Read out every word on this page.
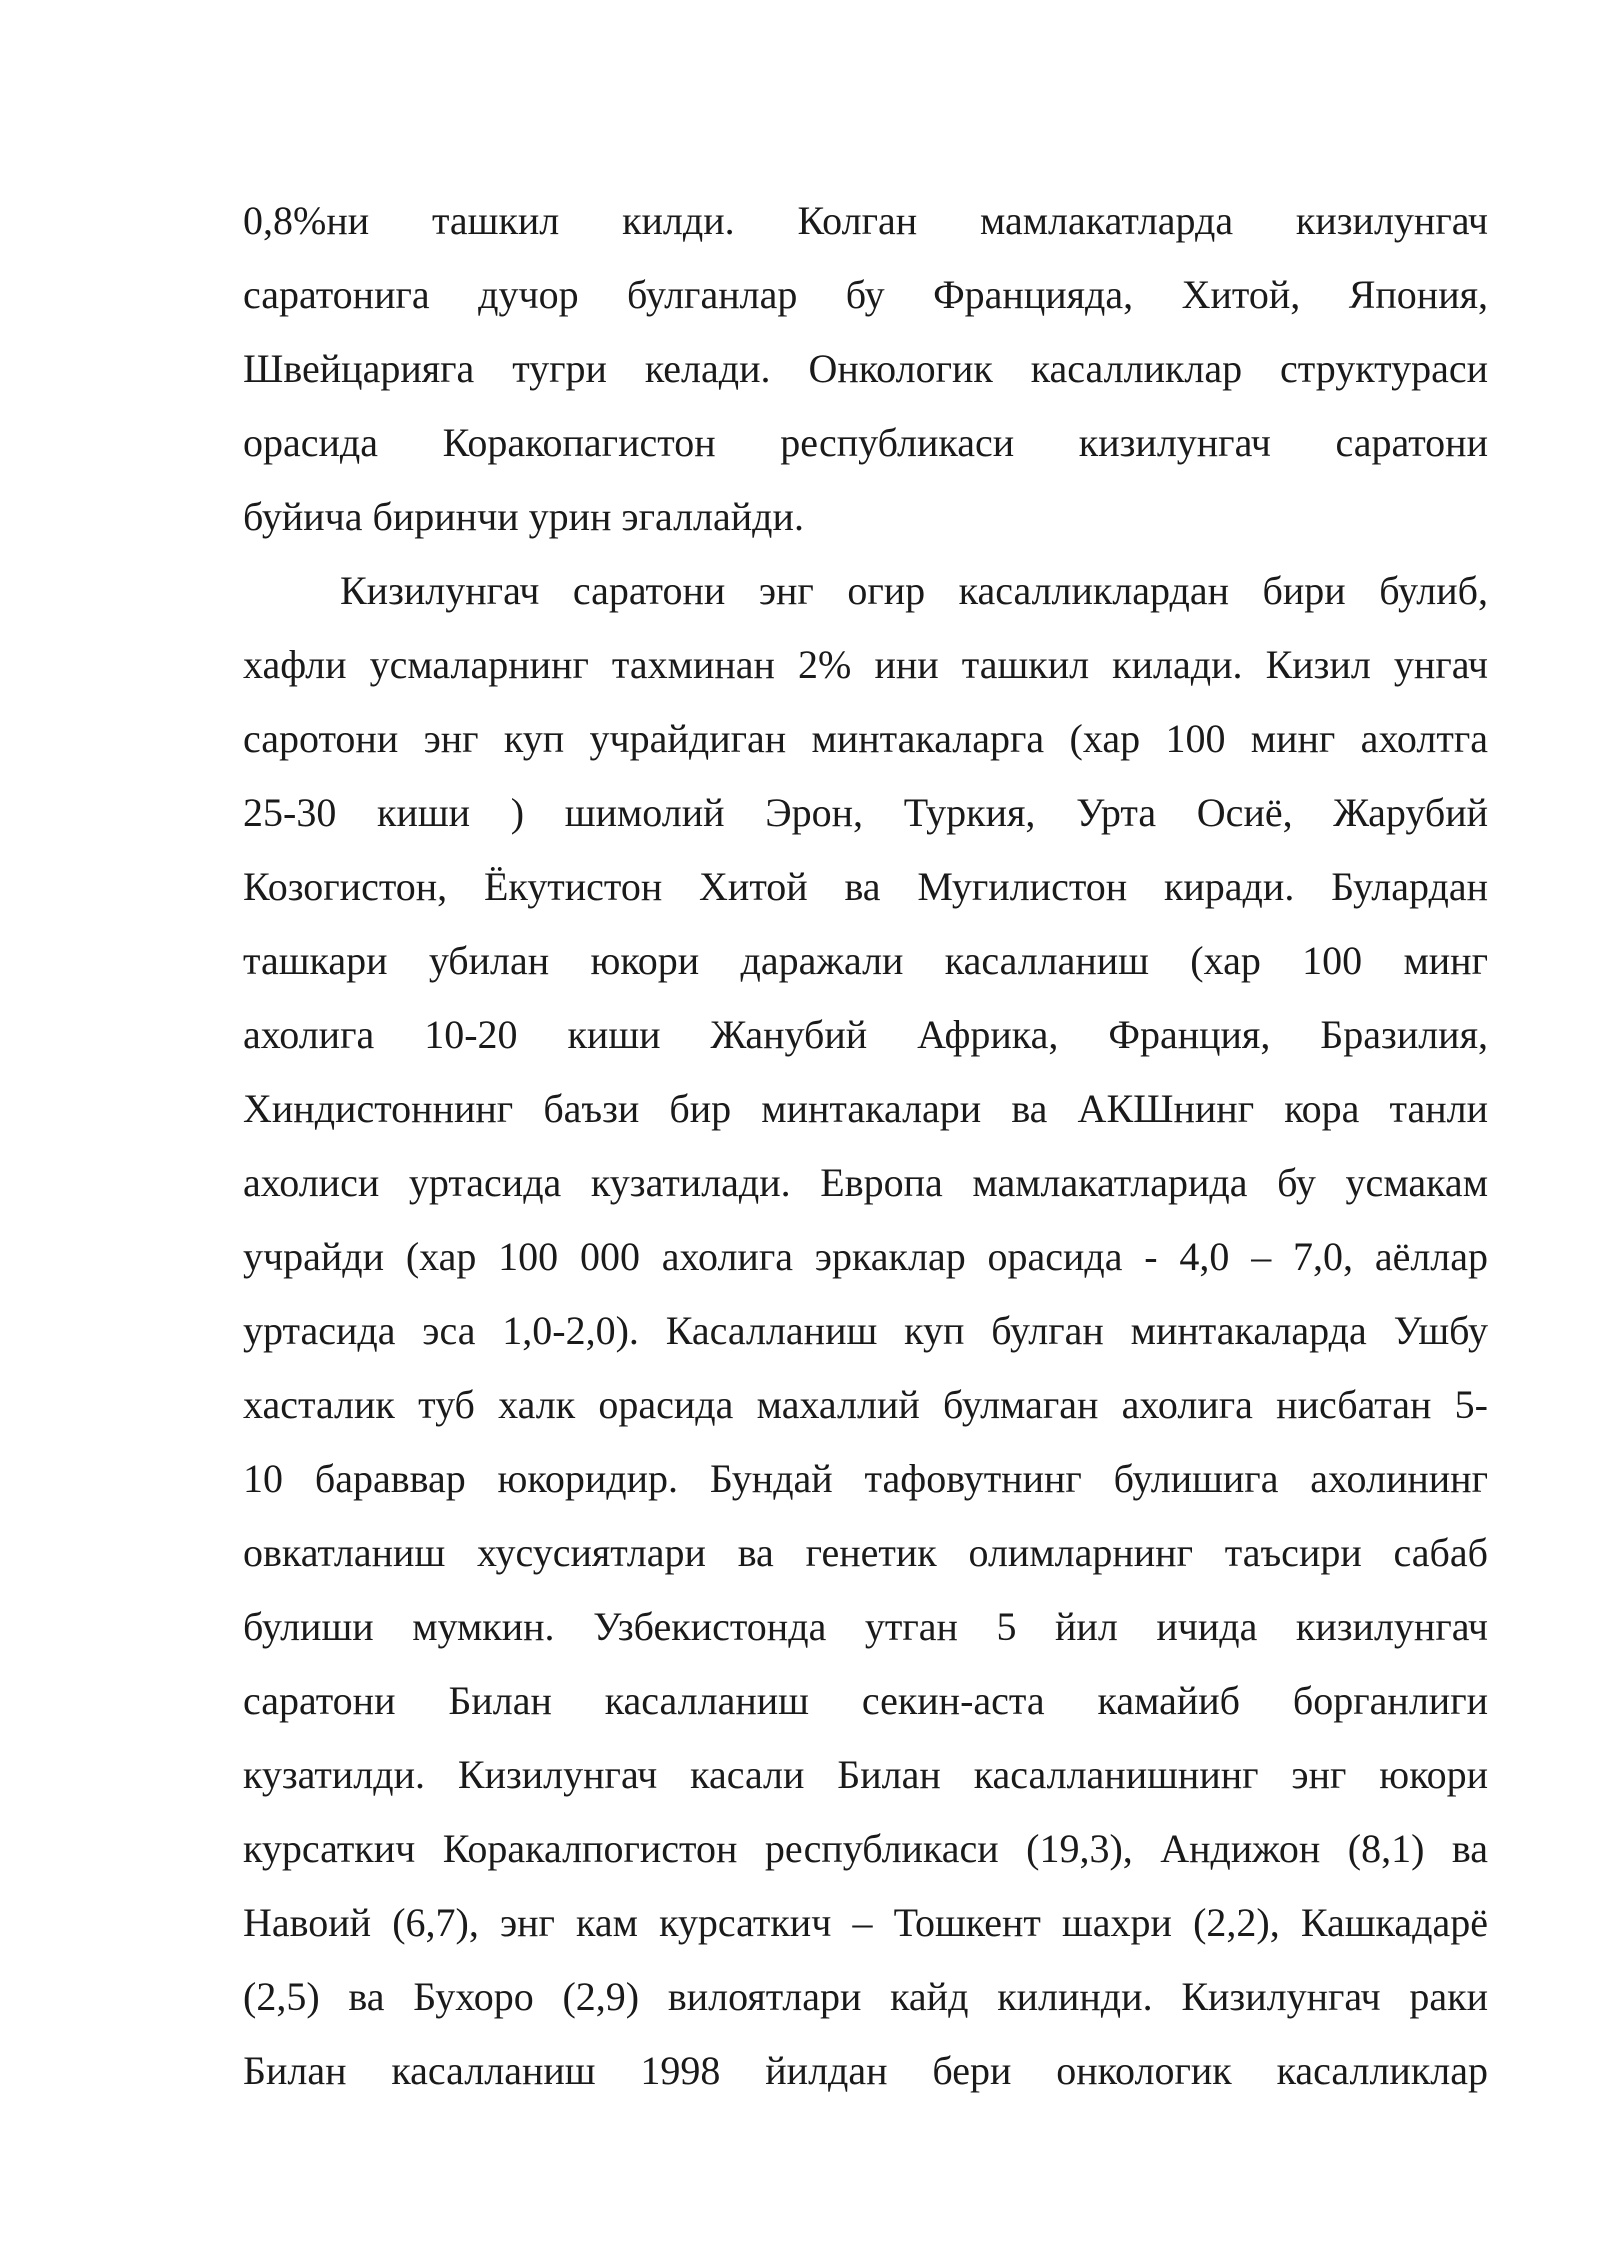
0,8%ни ташкил килди. Колган мамлакатларда кизилунгач
саратонига дучор булганлар бу Францияда, Хитой, Япония,
Швейцарияга тугри келади. Онкологик касалликлар структураси
орасида Коракопагистон республикаси кизилунгач саратони
буйича биринчи урин эгаллайди.
Кизилунгач саратони энг огир касалликлардан бири булиб,
хафли усмаларнинг тахминан 2% ини ташкил килади. Кизил унгач
саротони энг куп учрайдиган минтакаларга (хар 100 минг ахолтга
25-30 киши ) шимолий Эрон, Туркия, Урта Осиё, Жарубий
Козогистон, Ёкутистон Хитой ва Мугилистон киради. Булардан
ташкари убилан юкори даражали касалланиш (хар 100 минг
ахолига 10-20 киши Жанубий Африка, Франция, Бразилия,
Хиндистоннинг баъзи бир минтакалари ва АКШнинг кора танли
ахолиси уртасида кузатилади. Европа мамлакатларида бу усмакам
учрайди (хар 100 000 ахолига эркаклар орасида - 4,0 – 7,0, аёллар
уртасида эса 1,0-2,0). Касалланиш куп булган минтакаларда Ушбу
хасталик туб халк орасида махаллий булмаган ахолига нисбатан 5-
10 бараввар юкоридир. Бундай тафовутнинг булишига ахолининг
овкатланиш хусусиятлари ва генетик олимларнинг таъсири сабаб
булиши мумкин. Узбекистонда утган 5 йил ичида кизилунгач
саратони Билан касалланиш секин-аста камайиб борганлиги
кузатилди. Кизилунгач касали Билан касалланишнинг энг юкори
курсаткич Коракалпогистон республикаси (19,3), Андижон (8,1) ва
Навоий (6,7), энг кам курсаткич – Тошкент шахри (2,2), Кашкадарё
(2,5) ва Бухоро (2,9) вилоятлари кайд килинди. Кизилунгач раки
Билан касалланиш 1998 йилдан бери онкологик касалликлар
